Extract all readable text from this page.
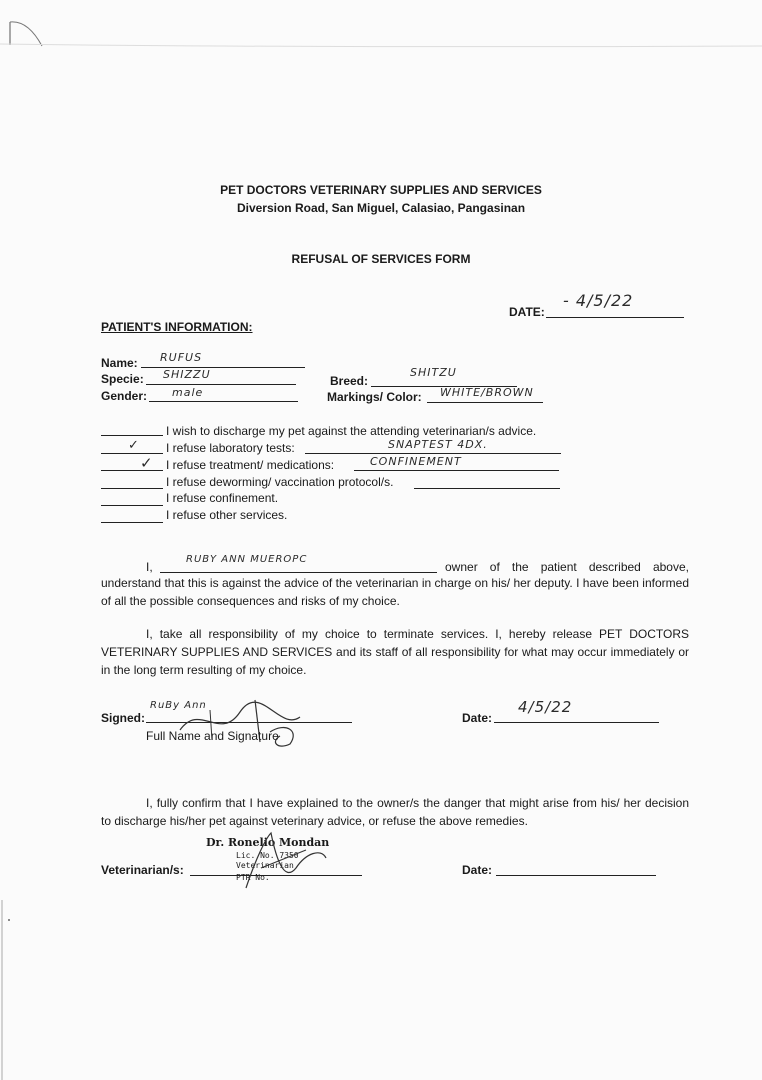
PET DOCTORS VETERINARY SUPPLIES AND SERVICES
Diversion Road, San Miguel, Calasiao, Pangasinan
REFUSAL OF SERVICES FORM
DATE:
- 4/5/22
PATIENT'S INFORMATION:
Name: RUFUS
Specie: SHIZZU	Breed:
SHITZU
Gender: male	Markings/ Color: WHITE/BROWN
I wish to discharge my pet against the attending veterinarian/s advice.
✓ I refuse laboratory tests:	SNAPTEST 4DX.
✓ I refuse treatment/ medications:	CONFINEMENT
I refuse deworming/ vaccination protocol/s.
I refuse confinement.
I refuse other services.
I,
RUBY ANN MUEROPC
owner of the patient described above,
understand that this is against the advice of the veterinarian in charge on his/ her deputy. I have been informed of all the possible consequences and risks of my choice.
I, take all responsibility of my choice to terminate services. I, hereby release PET DOCTORS VETERINARY SUPPLIES AND SERVICES and its staff of all responsibility for what may occur immediately or in the long term resulting of my choice.
Signed:
RuBy Ann
Full Name and Signature
Date:
4/5/22
I, fully confirm that I have explained to the owner/s the danger that might arise from his/ her decision to discharge his/her pet against veterinary advice, or refuse the above remedies.
Veterinarian/s:
Dr. Ronelio Mondan
Lic. No. 7350
Veterinarian
PTR No.
Date:
